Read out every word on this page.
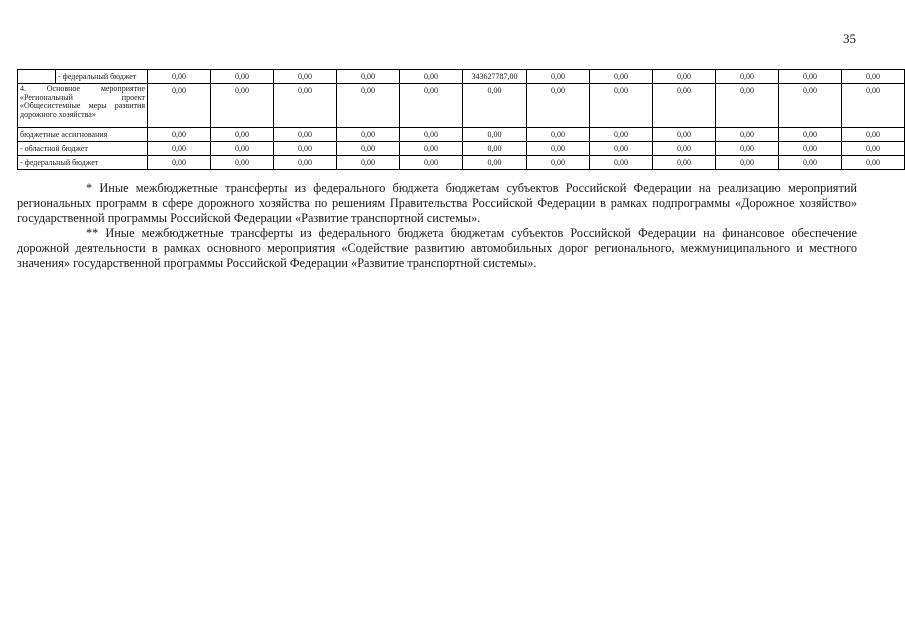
35
	- федеральный бюджет	0,00	0,00	0,00	0,00	0,00	343627787,00	0,00	0,00	0,00	0,00	0,00	0,00
4. Основное мероприятие «Региональный проект «Общесистемные меры развития дорожного хозяйства»		0,00	0,00	0,00	0,00	0,00	0,00	0,00	0,00	0,00	0,00	0,00	0,00
бюджетные ассигнования		0,00	0,00	0,00	0,00	0,00	0,00	0,00	0,00	0,00	0,00	0,00	0,00
- областной бюджет		0,00	0,00	0,00	0,00	0,00	0,00	0,00	0,00	0,00	0,00	0,00	0,00
- федеральный бюджет		0,00	0,00	0,00	0,00	0,00	0,00	0,00	0,00	0,00	0,00	0,00	0,00

* Иные межбюджетные трансферты из федерального бюджета бюджетам субъектов Российской Федерации на реализацию мероприятий региональных программ в сфере дорожного хозяйства по решениям Правительства Российской Федерации в рамках подпрограммы «Дорожное хозяйство» государственной программы Российской Федерации «Развитие транспортной системы».

** Иные межбюджетные трансферты из федерального бюджета бюджетам субъектов Российской Федерации на финансовое обеспечение дорожной деятельности в рамках основного мероприятия «Содействие развитию автомобильных дорог регионального, межмуниципального и местного значения» государственной программы Российской Федерации «Развитие транспортной системы».
